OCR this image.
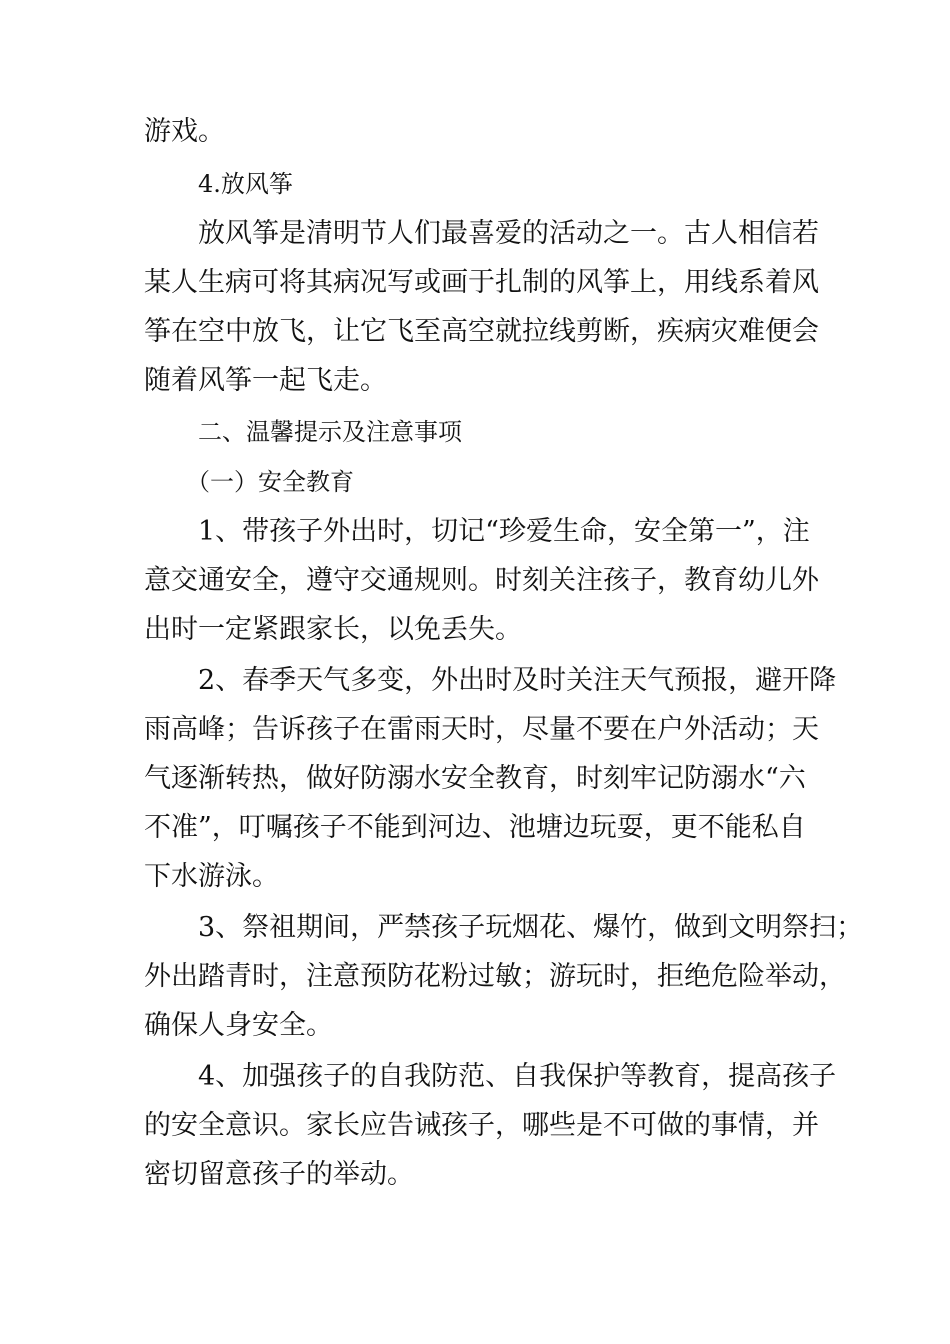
游戏。

4.放风筝

放风筝是清明节人们最喜爱的活动之一。古人相信若

某人生病可将其病况写或画于扎制的风筝上，用线系着风

筝在空中放飞，让它飞至高空就拉线剪断，疾病灾难便会

随着风筝一起飞走。

二、温馨提示及注意事项

（一）安全教育

1、带孩子外出时，切记“珍爱生命，安全第一”，注

意交通安全，遵守交通规则。时刻关注孩子，教育幼儿外

出时一定紧跟家长，以免丢失。

2、春季天气多变，外出时及时关注天气预报，避开降

雨高峰；告诉孩子在雷雨天时，尽量不要在户外活动；天

气逐渐转热，做好防溺水安全教育，时刻牢记防溺水“六

不准”，叮嘱孩子不能到河边、池塘边玩耍，更不能私自

下水游泳。

3、祭祖期间，严禁孩子玩烟花、爆竹，做到文明祭扫；

外出踏青时，注意预防花粉过敏；游玩时，拒绝危险举动，

确保人身安全。

4、加强孩子的自我防范、自我保护等教育，提高孩子

的安全意识。家长应告诫孩子，哪些是不可做的事情，并

密切留意孩子的举动。
